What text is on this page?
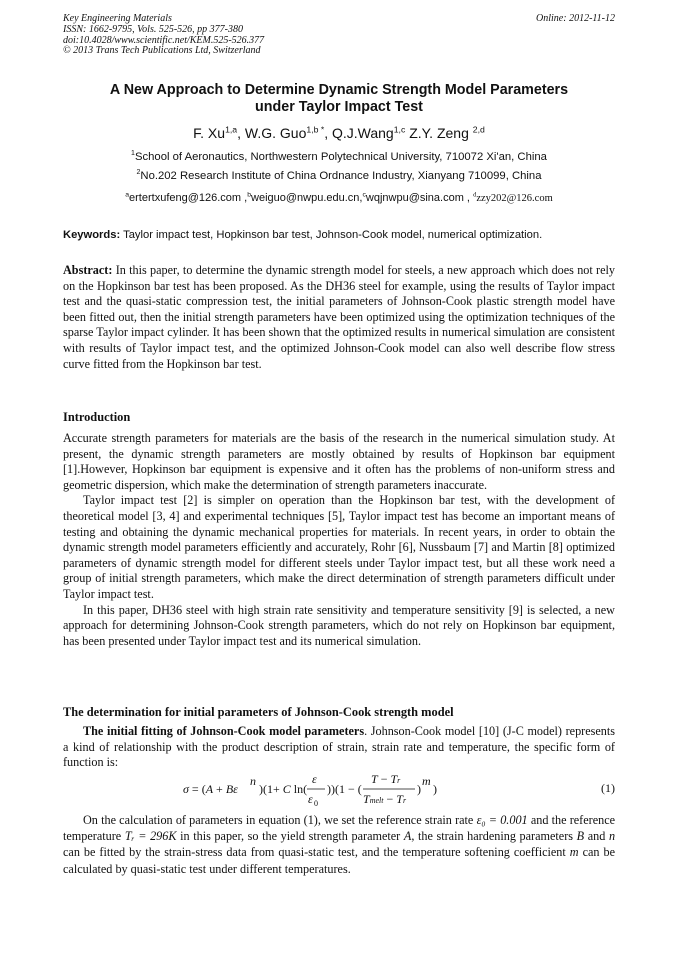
Key Engineering Materials
ISSN: 1662-9795, Vols. 525-526, pp 377-380
doi:10.4028/www.scientific.net/KEM.525-526.377
© 2013 Trans Tech Publications Ltd, Switzerland
Online: 2012-11-12
A New Approach to Determine Dynamic Strength Model Parameters
under Taylor Impact Test
F. Xu$^{1,a}$, W.G. Guo$^{1,b *}$, Q.J.Wang$^{1,c}$ Z.Y. Zeng $^{2,d}$
$^1$School of Aeronautics, Northwestern Polytechnical University, 710072 Xi'an, China
$^2$No.202 Research Institute of China Ordnance Industry, Xianyang 710099, China
$^a$ertertxufeng@126.com ,$^b$weiguo@nwpu.edu.cn,$^c$wqjnwpu@sina.com , $^d$zzy202@126.com
Keywords: Taylor impact test, Hopkinson bar test, Johnson-Cook model, numerical optimization.

Abstract: In this paper, to determine the dynamic strength model for steels, a new approach which does not rely on the Hopkinson bar test has been proposed. As the DH36 steel for example, using the results of Taylor impact test and the quasi-static compression test, the initial parameters of Johnson-Cook plastic strength model have been fitted out, then the initial strength parameters have been optimized using the optimization techniques of the sparse Taylor impact cylinder. It has been shown that the optimized results in numerical simulation are consistent with results of Taylor impact test, and the optimized Johnson-Cook model can also well describe flow stress curve fitted from the Hopkinson bar test.

Introduction

Accurate strength parameters for materials are the basis of the research in the numerical simulation study. At present, the dynamic strength parameters are mostly obtained by results of Hopkinson bar equipment [1].However, Hopkinson bar equipment is expensive and it often has the problems of non-uniform stress and geometric dispersion, which make the determination of strength parameters inaccurate.

Taylor impact test [2] is simpler on operation than the Hopkinson bar test, with the development of theoretical model [3, 4] and experimental techniques [5], Taylor impact test has become an important means of testing and obtaining the dynamic mechanical properties for materials. In recent years, in order to obtain the dynamic strength model parameters efficiently and accurately, Rohr [6], Nussbaum [7] and Martin [8] optimized parameters of dynamic strength model for different steels under Taylor impact test, but all these work need a group of initial strength parameters, which make the direct determination of strength parameters difficult under Taylor impact test.

In this paper, DH36 steel with high strain rate sensitivity and temperature sensitivity [9] is selected, a new approach for determining Johnson-Cook strength parameters, which do not rely on Hopkinson bar equipment, has been presented under Taylor impact test and its numerical simulation.

The determination for initial parameters of Johnson-Cook strength model

The initial fitting of Johnson-Cook model parameters. Johnson-Cook model [10] (J-C model) represents a kind of relationship with the product description of strain, strain rate and temperature, the specific form of function is:

σ = (A + Bε
n
)(1+ C ln(
ε
ε 0
))(1 − (
T − Tr
Tmelt − Tr
)
m
)	(1)

On the calculation of parameters in equation (1), we set the reference strain rate ε₀ = 0.001 and the reference temperature Tᵣ = 296K in this paper, so the yield strength parameter A, the strain hardening parameters B and n can be fitted by the strain-stress data from quasi-static test, and the temperature softening coefficient m can be calculated by quasi-static test under different temperatures.
